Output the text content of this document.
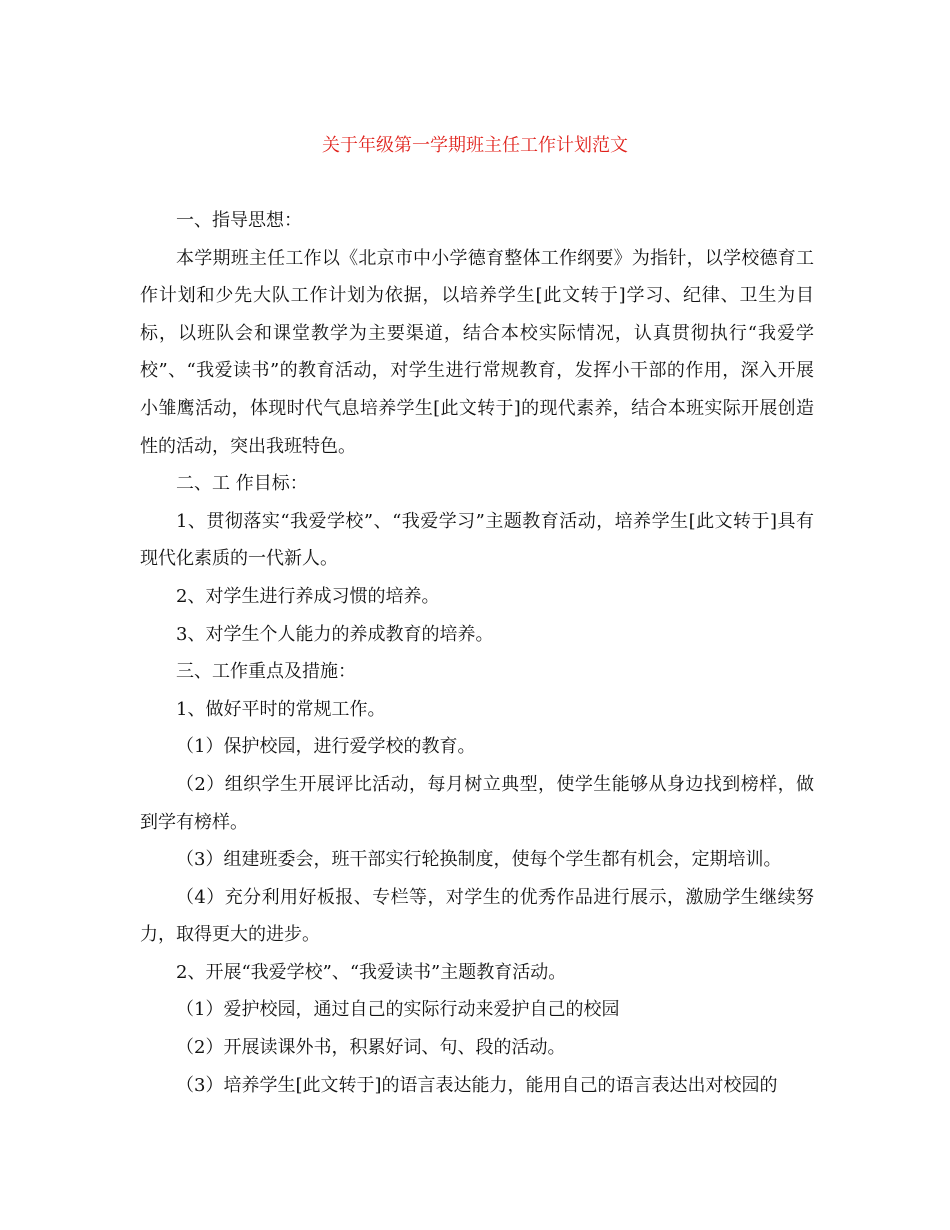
关于年级第一学期班主任工作计划范文

一、指导思想：

本学期班主任工作以《北京市中小学德育整体工作纲要》为指针，以学校德育工作计划和少先大队工作计划为依据，以培养学生[此文转于]学习、纪律、卫生为目标，以班队会和课堂教学为主要渠道，结合本校实际情况，认真贯彻执行“我爱学校”、“我爱读书”的教育活动，对学生进行常规教育，发挥小干部的作用，深入开展小雏鹰活动，体现时代气息培养学生[此文转于]的现代素养，结合本班实际开展创造性的活动，突出我班特色。

二、工 作目标：

1、贯彻落实“我爱学校”、“我爱学习”主题教育活动，培养学生[此文转于]具有现代化素质的一代新人。

2、对学生进行养成习惯的培养。

3、对学生个人能力的养成教育的培养。

三、工作重点及措施：

1、做好平时的常规工作。

（1）保护校园，进行爱学校的教育。

（2）组织学生开展评比活动，每月树立典型，使学生能够从身边找到榜样，做到学有榜样。

（3）组建班委会，班干部实行轮换制度，使每个学生都有机会，定期培训。

（4）充分利用好板报、专栏等，对学生的优秀作品进行展示，激励学生继续努力，取得更大的进步。

2、开展“我爱学校”、“我爱读书”主题教育活动。

（1）爱护校园，通过自己的实际行动来爱护自己的校园

（2）开展读课外书，积累好词、句、段的活动。

（3）培养学生[此文转于]的语言表达能力，能用自己的语言表达出对校园的
